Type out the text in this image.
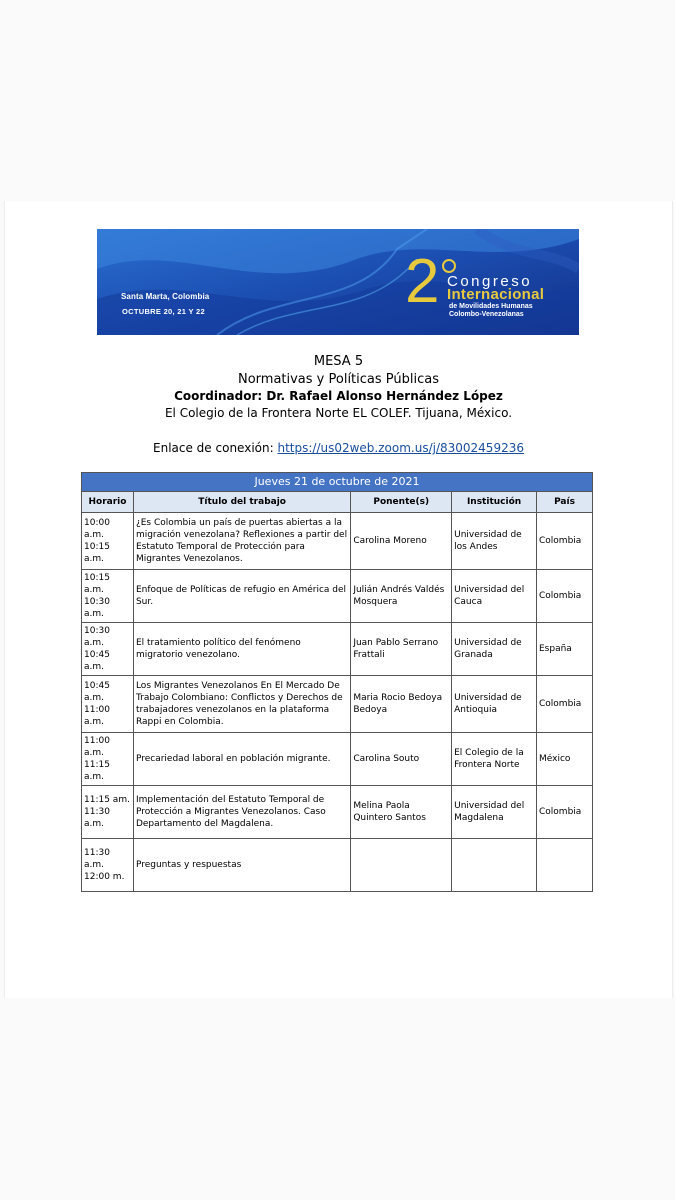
Santa Marta, Colombia
OCTUBRE 20, 21 Y 22	2 Congreso
Internacional
de Movilidades Humanas
Colombo-Venezolanas
MESA 5
Normativas y Políticas Públicas
Coordinador: Dr. Rafael Alonso Hernández López
El Colegio de la Frontera Norte EL COLEF. Tijuana, México.
Enlace de conexión: https://us02web.zoom.us/j/83002459236
Jueves 21 de octubre de 2021				
Horario	Título del trabajo	Ponente(s)	Institución	País

10:00 a.m.
10:15 a.m.	¿Es Colombia un país de puertas abiertas a la migración venezolana? Reflexiones a partir del Estatuto Temporal de Protección para Migrantes Venezolanos.	Carolina Moreno	Universidad de los Andes	Colombia

10:15 a.m.
10:30 a.m.	Enfoque de Políticas de refugio en América del Sur.	Julián Andrés Valdés Mosquera	Universidad del Cauca	Colombia

10:30 a.m.
10:45 a.m.	El tratamiento político del fenómeno migratorio venezolano.	Juan Pablo Serrano Frattali	Universidad de Granada	España

10:45 a.m.
11:00 a.m.	Los Migrantes Venezolanos En El Mercado De Trabajo Colombiano: Conflictos y Derechos de trabajadores venezolanos en la plataforma Rappi en Colombia.	Maria Rocio Bedoya Bedoya	Universidad de Antioquia	Colombia

11:00 a.m.
11:15 a.m.	Precariedad laboral en población migrante.	Carolina Souto	El Colegio de la Frontera Norte	México

11:15 am.
11:30 a.m.	Implementación del Estatuto Temporal de Protección a Migrantes Venezolanos. Caso Departamento del Magdalena.	Melina Paola Quintero Santos	Universidad del Magdalena	Colombia

11:30 a.m.
12:00 m.	Preguntas y respuestas			
